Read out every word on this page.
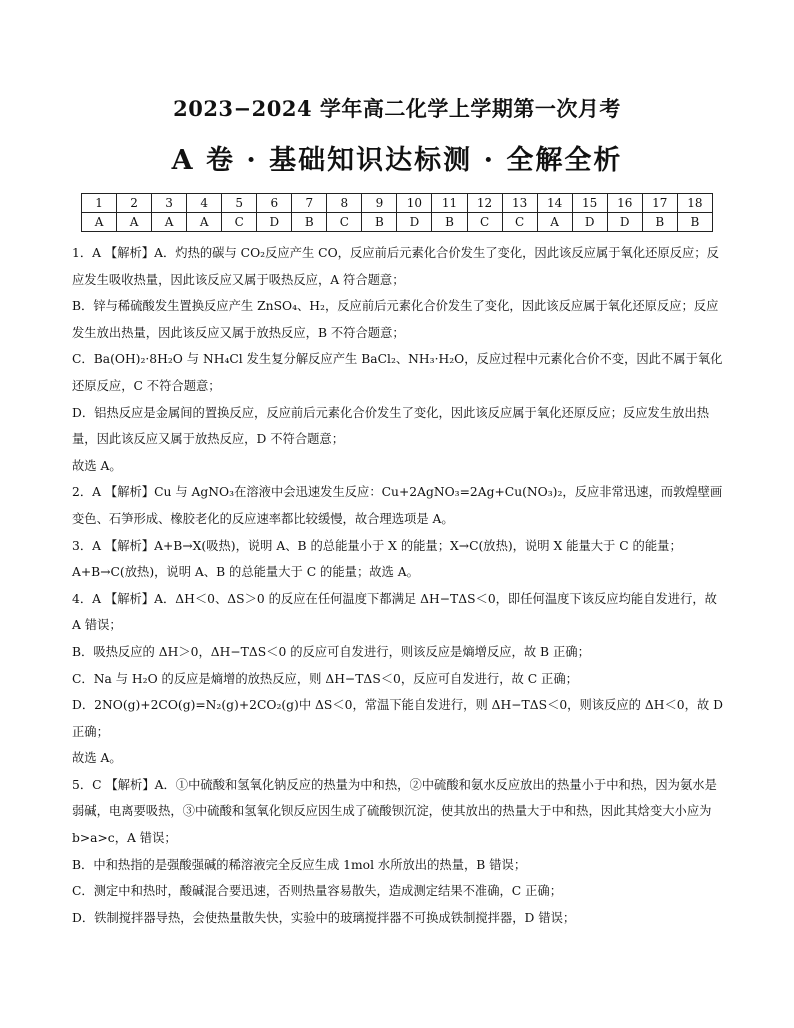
2023−2024 学年高二化学上学期第一次月考
A 卷 · 基础知识达标测 · 全解全析
1	2	3	4	5	6	7	8	9	10	11	12	13	14	15	16	17	18
A	A	A	A	C	D	B	C	B	D	B	C	C	A	D	D	B	B

1．A 【解析】A．灼热的碳与 CO₂反应产生 CO，反应前后元素化合价发生了变化，因此该反应属于氧化还原反应；反应发生吸收热量，因此该反应又属于吸热反应，A 符合题意；

B．锌与稀硫酸发生置换反应产生 ZnSO₄、H₂，反应前后元素化合价发生了变化，因此该反应属于氧化还原反应；反应发生放出热量，因此该反应又属于放热反应，B 不符合题意；

C．Ba(OH)₂·8H₂O 与 NH₄Cl 发生复分解反应产生 BaCl₂、NH₃·H₂O，反应过程中元素化合价不变，因此不属于氧化还原反应，C 不符合题意；

D．铝热反应是金属间的置换反应，反应前后元素化合价发生了变化，因此该反应属于氧化还原反应；反应发生放出热量，因此该反应又属于放热反应，D 不符合题意；

故选 A。

2．A 【解析】Cu 与 AgNO₃在溶液中会迅速发生反应：Cu+2AgNO₃=2Ag+Cu(NO₃)₂，反应非常迅速，而敦煌壁画变色、石笋形成、橡胶老化的反应速率都比较缓慢，故合理选项是 A。

3．A 【解析】A+B→X(吸热)，说明 A、B 的总能量小于 X 的能量；X→C(放热)，说明 X 能量大于 C 的能量；A+B→C(放热)，说明 A、B 的总能量大于 C 的能量；故选 A。

4．A 【解析】A．ΔH＜0、ΔS＞0 的反应在任何温度下都满足 ΔH−TΔS＜0，即任何温度下该反应均能自发进行，故 A 错误；

B．吸热反应的 ΔH＞0，ΔH−TΔS＜0 的反应可自发进行，则该反应是熵增反应，故 B 正确；

C．Na 与 H₂O 的反应是熵增的放热反应，则 ΔH−TΔS＜0，反应可自发进行，故 C 正确；

D．2NO(g)+2CO(g)=N₂(g)+2CO₂(g)中 ΔS＜0，常温下能自发进行，则 ΔH−TΔS＜0，则该反应的 ΔH＜0，故 D 正确；

故选 A。

5．C 【解析】A．①中硫酸和氢氧化钠反应的热量为中和热，②中硫酸和氨水反应放出的热量小于中和热，因为氨水是弱碱，电离要吸热，③中硫酸和氢氧化钡反应因生成了硫酸钡沉淀，使其放出的热量大于中和热，因此其焓变大小应为 b>a>c，A 错误；

B．中和热指的是强酸强碱的稀溶液完全反应生成 1mol 水所放出的热量，B 错误；

C．测定中和热时，酸碱混合要迅速，否则热量容易散失，造成测定结果不准确，C 正确；

D．铁制搅拌器导热，会使热量散失快，实验中的玻璃搅拌器不可换成铁制搅拌器，D 错误；
